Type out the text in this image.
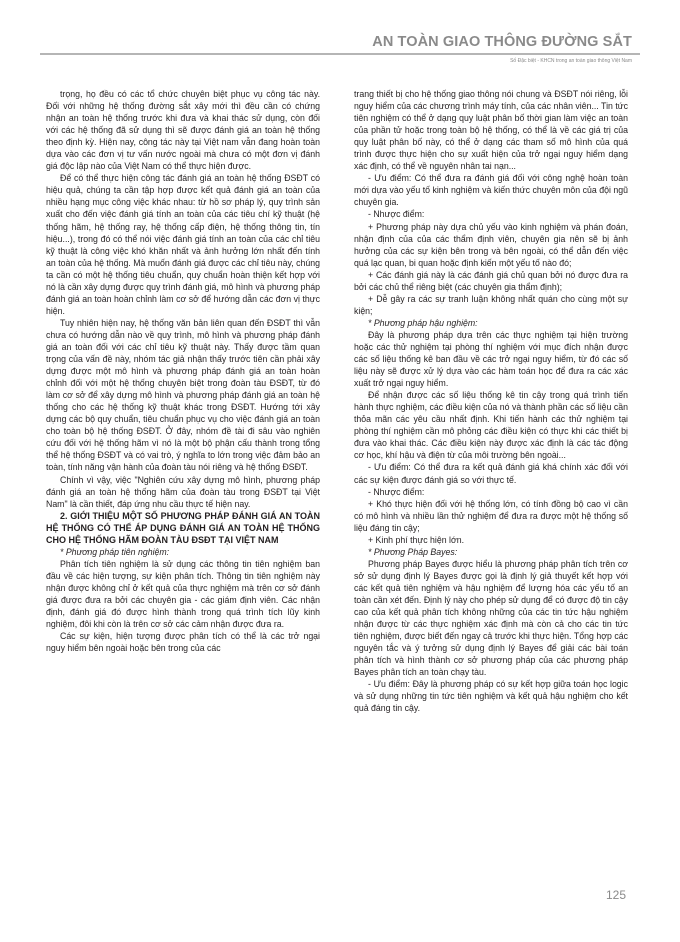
AN TOÀN GIAO THÔNG ĐƯỜNG SẮT
Số Đặc biệt - KHCN trong an toàn giao thông Việt Nam

trọng, họ đều có các tổ chức chuyên biệt phục vụ công tác này. Đối với những hệ thống đường sắt xây mới thì đều cần có chứng nhận an toàn hệ thống trước khi đưa và khai thác sử dụng, còn đối với các hệ thống đã sử dụng thì sẽ được đánh giá an toàn hệ thống theo định kỳ. Hiện nay, công tác này tại Việt nam vẫn đang hoàn toàn dựa vào các đơn vị tư vấn nước ngoài mà chưa có một đơn vị đánh giá độc lập nào của Việt Nam có thể thực hiện được.

Để có thể thực hiện công tác đánh giá an toàn hệ thống ĐSĐT có hiệu quả, chúng ta cần tập hợp được kết quả đánh giá an toàn của nhiều hạng mục công việc khác nhau: từ hồ sơ pháp lý, quy trình sản xuất cho đến việc đánh giá tính an toàn của các tiêu chí kỹ thuật (hệ thống hãm, hệ thống ray, hệ thống cấp điện, hệ thống thông tin, tín hiệu...), trong đó có thể nói việc đánh giá tính an toàn của các chỉ tiêu kỹ thuật là công việc khó khăn nhất và ảnh hưởng lớn nhất đến tính an toàn của hệ thống. Mà muốn đánh giá được các chỉ tiêu này, chúng ta cần có một hệ thống tiêu chuẩn, quy chuẩn hoàn thiện kết hợp với nó là cần xây dựng được quy trình đánh giá, mô hình và phương pháp đánh giá an toàn hoàn chỉnh làm cơ sở để hướng dẫn các đơn vị thực hiện.

Tuy nhiên hiện nay, hệ thống văn bản liên quan đến ĐSĐT thì vẫn chưa có hướng dẫn nào về quy trình, mô hình và phương pháp đánh giá an toàn đối với các chỉ tiêu kỹ thuật này. Thấy được tầm quan trọng của vấn đề này, nhóm tác giả nhận thấy trước tiên cần phải xây dựng được một mô hình và phương pháp đánh giá an toàn hoàn chỉnh đối với một hệ thống chuyên biệt trong đoàn tàu ĐSĐT, từ đó làm cơ sở để xây dựng mô hình và phương pháp đánh giá an toàn hệ thống cho các hệ thống kỹ thuật khác trong ĐSĐT. Hướng tới xây dựng các bộ quy chuẩn, tiêu chuẩn phục vụ cho việc đánh giá an toàn cho toàn bộ hệ thống ĐSĐT. Ở đây, nhóm đề tài đi sâu vào nghiên cứu đối với hệ thống hãm vì nó là một bộ phận cấu thành trong tổng thể hệ thống ĐSĐT và có vai trò, ý nghĩa to lớn trong việc đảm bảo an toàn, tính năng vận hành của đoàn tàu nói riêng và hệ thống ĐSĐT.

Chính vì vậy, việc "Nghiên cứu xây dựng mô hình, phương pháp đánh giá an toàn hệ thống hãm của đoàn tàu trong ĐSĐT tại Việt Nam" là cần thiết, đáp ứng nhu cầu thực tế hiện nay.

2. GIỚI THIỆU MỘT SỐ PHƯƠNG PHÁP ĐÁNH GIÁ AN TOÀN HỆ THỐNG CÓ THỂ ÁP DỤNG ĐÁNH GIÁ AN TOÀN HỆ THỐNG CHO HỆ THỐNG HÃM ĐOÀN TÀU ĐSĐT TẠI VIỆT NAM

* Phương pháp tiên nghiệm:

Phân tích tiên nghiệm là sử dụng các thông tin tiên nghiệm ban đầu về các hiện tượng, sự kiện phân tích. Thông tin tiên nghiệm này nhận được không chỉ ở kết quả của thực nghiệm mà trên cơ sở đánh giá được đưa ra bởi các chuyên gia - các giám định viên. Các nhận định, đánh giá đó được hình thành trong quá trình tích lũy kinh nghiệm, đôi khi còn là trên cơ sở các cảm nhận được đưa ra.

Các sự kiện, hiện tượng được phân tích có thể là các trở ngại nguy hiểm bên ngoài hoặc bên trong của các

trang thiết bị cho hệ thống giao thông nói chung và ĐSĐT nói riêng, lỗi nguy hiểm của các chương trình máy tính, của các nhân viên... Tin tức tiên nghiệm có thể ở dạng quy luật phân bố thời gian làm việc an toàn của phần tử hoặc trong toàn bộ hệ thống, có thể là về các giá trị của quy luật phân bố này, có thể ở dạng các tham số mô hình của quá trình được thực hiện cho sự xuất hiện của trở ngại nguy hiểm dạng xác định, có thể về nguyên nhân tai nạn...

- Ưu điểm: Có thể đưa ra đánh giá đối với công nghệ hoàn toàn mới dựa vào yếu tố kinh nghiệm và kiến thức chuyên môn của đội ngũ chuyên gia.

- Nhược điểm:

+ Phương pháp này dựa chủ yếu vào kinh nghiệm và phán đoán, nhận định của của các thẩm định viên, chuyên gia nên sẽ bị ảnh hưởng của các sự kiện bên trong và bên ngoài, có thể dẫn đến việc quá lạc quan, bi quan hoặc định kiến một yếu tố nào đó;

+ Các đánh giá này là các đánh giá chủ quan bởi nó được đưa ra bởi các chủ thể riêng biệt (các chuyên gia thẩm định);

+ Dễ gây ra các sự tranh luận không nhất quán cho cùng một sự kiện;

* Phương pháp hậu nghiệm:

Đây là phương pháp dựa trên các thực nghiệm tại hiện trường hoặc các thử nghiệm tại phòng thí nghiệm với mục đích nhận được các số liệu thống kê ban đầu về các trở ngại nguy hiểm, từ đó các số liệu này sẽ được xử lý dựa vào các hàm toán học để đưa ra các xác xuất trở ngại nguy hiểm.

Để nhận được các số liệu thống kê tin cậy trong quá trình tiến hành thực nghiệm, các điều kiện của nó và thành phần các số liệu cần thỏa mãn các yêu cầu nhất định. Khi tiến hành các thử nghiệm tại phòng thí nghiệm cần mô phỏng các điều kiện có thực khi các thiết bị đưa vào khai thác. Các điều kiện này được xác định là các tác động cơ học, khí hậu và điện từ của môi trường bên ngoài...

- Ưu điểm: Có thể đưa ra kết quả đánh giá khá chính xác đối với các sự kiện được đánh giá so với thực tế.

- Nhược điểm:

+ Khó thực hiện đối với hệ thống lớn, có tính đồng bộ cao vì cần có mô hình và nhiều lần thử nghiệm để đưa ra được một hệ thống số liệu đáng tin cậy;

+ Kinh phí thực hiện lớn.

* Phương Pháp Bayes:

Phương pháp Bayes được hiểu là phương pháp phân tích trên cơ sở sử dụng định lý Bayes được gọi là định lý giả thuyết kết hợp với các kết quả tiên nghiệm và hậu nghiệm để lượng hóa các yếu tố an toàn cần xét đến. Định lý này cho phép sử dụng để có được độ tin cậy cao của kết quả phân tích không những của các tin tức hậu nghiệm nhận được từ các thực nghiệm xác định mà còn cả cho các tin tức tiên nghiệm, được biết đến ngay cả trước khi thực hiện. Tổng hợp các nguyên tắc và ý tưởng sử dụng định lý Bayes để giải các bài toán phân tích và hình thành cơ sở phương pháp của các phương pháp Bayes phân tích an toàn chạy tàu.

- Ưu điểm: Đây là phương pháp có sự kết hợp giữa toán học logic và sử dụng những tin tức tiên nghiệm và kết quả hậu nghiệm cho kết quả đáng tin cậy.

125
